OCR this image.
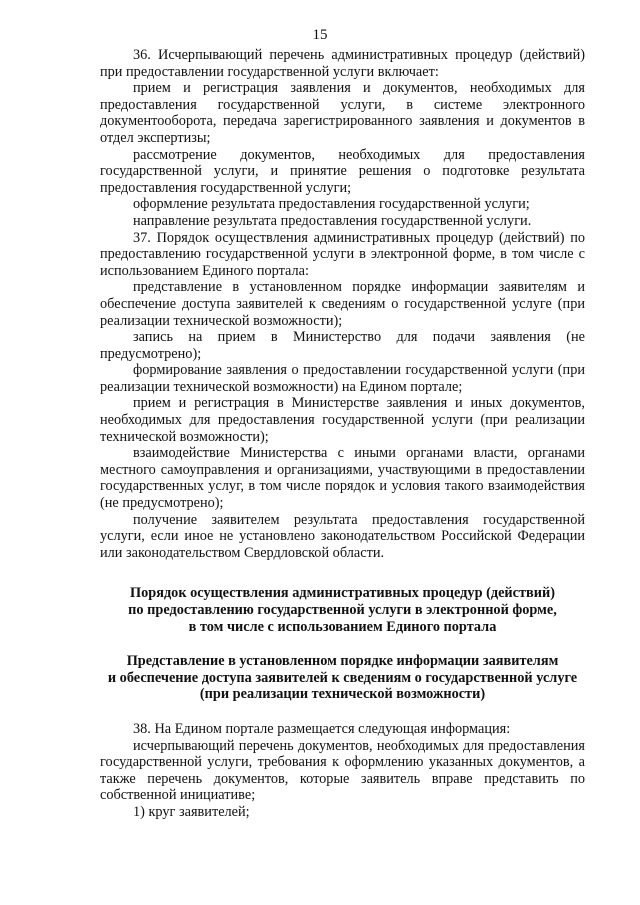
15

36. Исчерпывающий перечень административных процедур (действий) при предоставлении государственной услуги включает:

прием и регистрация заявления и документов, необходимых для предоставления государственной услуги, в системе электронного документооборота, передача зарегистрированного заявления и документов в отдел экспертизы;

рассмотрение документов, необходимых для предоставления государственной услуги, и принятие решения о подготовке результата предоставления государственной услуги;

оформление результата предоставления государственной услуги;

направление результата предоставления государственной услуги.

37. Порядок осуществления административных процедур (действий) по предоставлению государственной услуги в электронной форме, в том числе с использованием Единого портала:

представление в установленном порядке информации заявителям и обеспечение доступа заявителей к сведениям о государственной услуге (при реализации технической возможности);

запись на прием в Министерство для подачи заявления (не предусмотрено);

формирование заявления о предоставлении государственной услуги (при реализации технической возможности) на Едином портале;

прием и регистрация в Министерстве заявления и иных документов, необходимых для предоставления государственной услуги (при реализации технической возможности);

взаимодействие Министерства с иными органами власти, органами местного самоуправления и организациями, участвующими в предоставлении государственных услуг, в том числе порядок и условия такого взаимодействия (не предусмотрено);

получение заявителем результата предоставления государственной услуги, если иное не установлено законодательством Российской Федерации или законодательством Свердловской области.

Порядок осуществления административных процедур (действий)
по предоставлению государственной услуги в электронной форме,
в том числе с использованием Единого портала
Представление в установленном порядке информации заявителям
и обеспечение доступа заявителей к сведениям о государственной услуге
(при реализации технической возможности)

38. На Едином портале размещается следующая информация:

исчерпывающий перечень документов, необходимых для предоставления государственной услуги, требования к оформлению указанных документов, а также перечень документов, которые заявитель вправе представить по собственной инициативе;

1) круг заявителей;
